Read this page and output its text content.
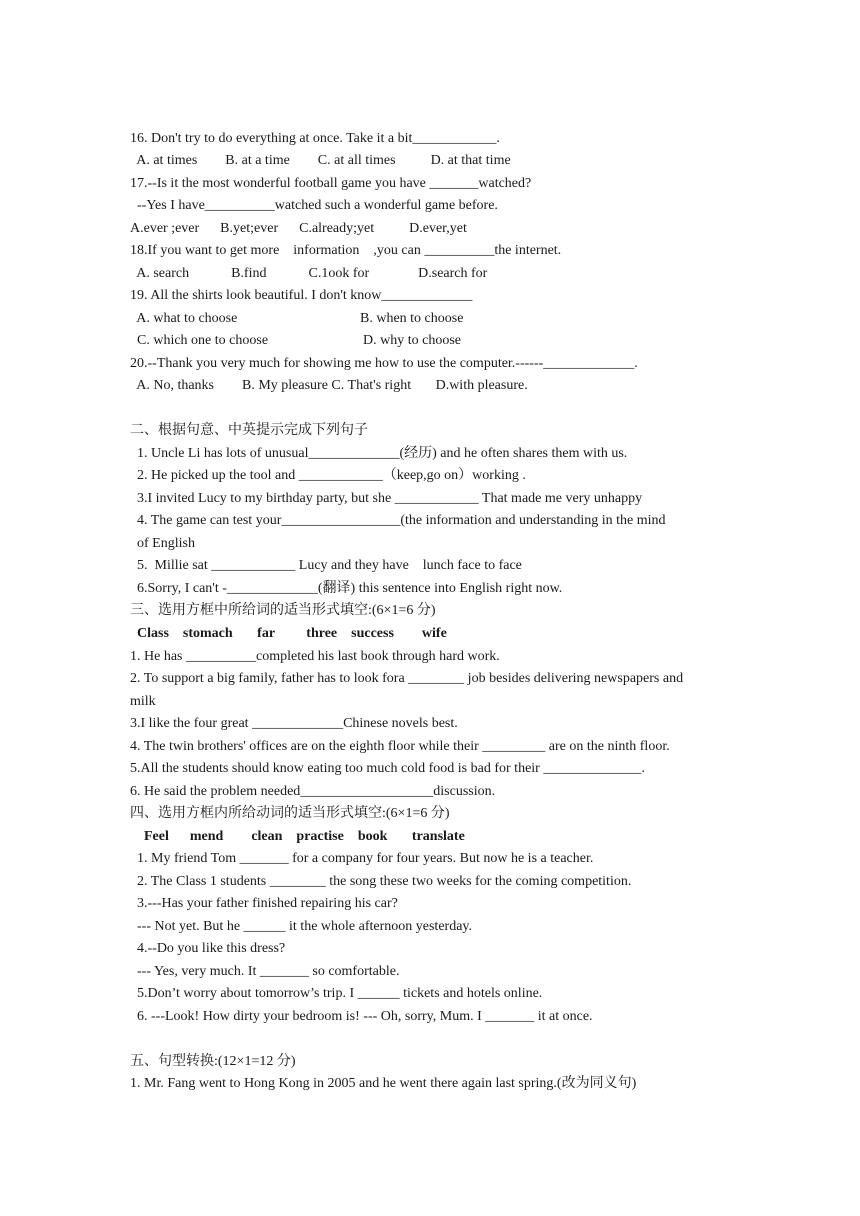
16. Don't try to do everything at once. Take it a bit____________.
A. at times        B. at a time        C. at all times          D. at that time
17.--Is it the most wonderful football game you have _______watched?
--Yes I have__________watched such a wonderful game before.
A.ever ;ever      B.yet;ever      C.already;yet          D.ever,yet
18.If you want to get more    information    ,you can __________the internet.
A. search            B.find            C.1ook for              D.search for
19. All the shirts look beautiful. I don't know_____________
A. what to choose	B. when to choose
C. which one to choose	D. why to choose
20.--Thank you very much for showing me how to use the computer.------_____________.
A. No, thanks        B. My pleasure C. That's right       D.with pleasure.
二、根据句意、中英提示完成下列句子
1. Uncle Li has lots of unusual_____________(经历) and he often shares them with us.
2. He picked up the tool and ____________（keep,go on）working .
3.I invited Lucy to my birthday party, but she ____________ That made me very unhappy
4. The game can test your_________________(the information and understanding in the mind
of English
5.  Millie sat ____________ Lucy and they have    lunch face to face
6.Sorry, I can't -_____________(翻译) this sentence into English right now.
三、选用方框中所给词的适当形式填空:(6×1=6 分)
Class    stomach       far         three    success        wife
1. He has __________completed his last book through hard work.
2. To support a big family, father has to look fora ________ job besides delivering newspapers and
milk
3.I like the four great _____________Chinese novels best.
4. The twin brothers' offices are on the eighth floor while their _________ are on the ninth floor.
5.All the students should know eating too much cold food is bad for their ______________.
6. He said the problem needed___________________discussion.
四、选用方框内所给动词的适当形式填空:(6×1=6 分)
Feel      mend        clean    practise    book       translate
1. My friend Tom _______ for a company for four years. But now he is a teacher.
2. The Class 1 students ________ the song these two weeks for the coming competition.
3.---Has your father finished repairing his car?
--- Not yet. But he ______ it the whole afternoon yesterday.
4.--Do you like this dress?
--- Yes, very much. It _______ so comfortable.
5.Don’t worry about tomorrow’s trip. I ______ tickets and hotels online.
6. ---Look! How dirty your bedroom is! --- Oh, sorry, Mum. I _______ it at once.
五、句型转换:(12×1=12 分)
1. Mr. Fang went to Hong Kong in 2005 and he went there again last spring.(改为同义句)
